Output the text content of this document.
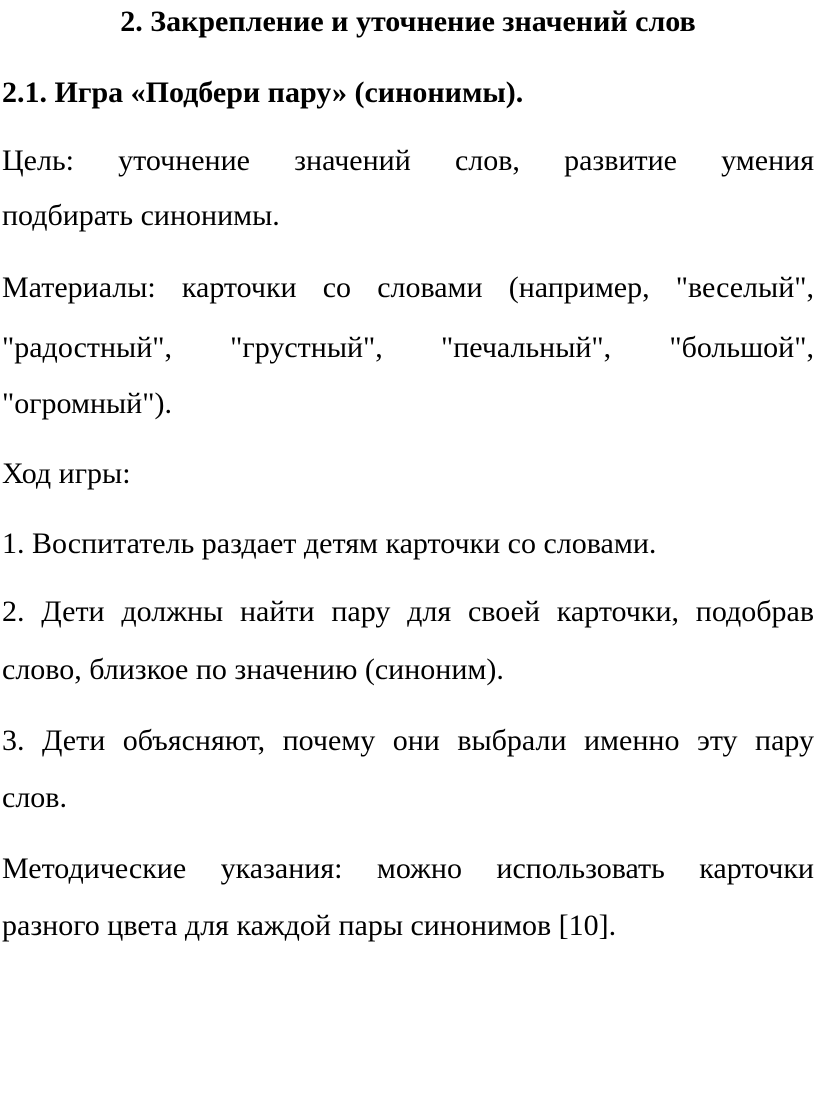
2. Закрепление и уточнение значений слов
2.1. Игра «Подбери пару» (синонимы).
Цель: уточнение значений слов, развитие умения
подбирать синонимы.
Материалы: карточки со словами (например, "веселый",
"радостный", "грустный", "печальный", "большой",
"огромный").
Ход игры:
1. Воспитатель раздает детям карточки со словами.
2. Дети должны найти пару для своей карточки, подобрав
слово, близкое по значению (синоним).
3. Дети объясняют, почему они выбрали именно эту пару
слов.
Методические указания: можно использовать карточки
разного цвета для каждой пары синонимов [10].
